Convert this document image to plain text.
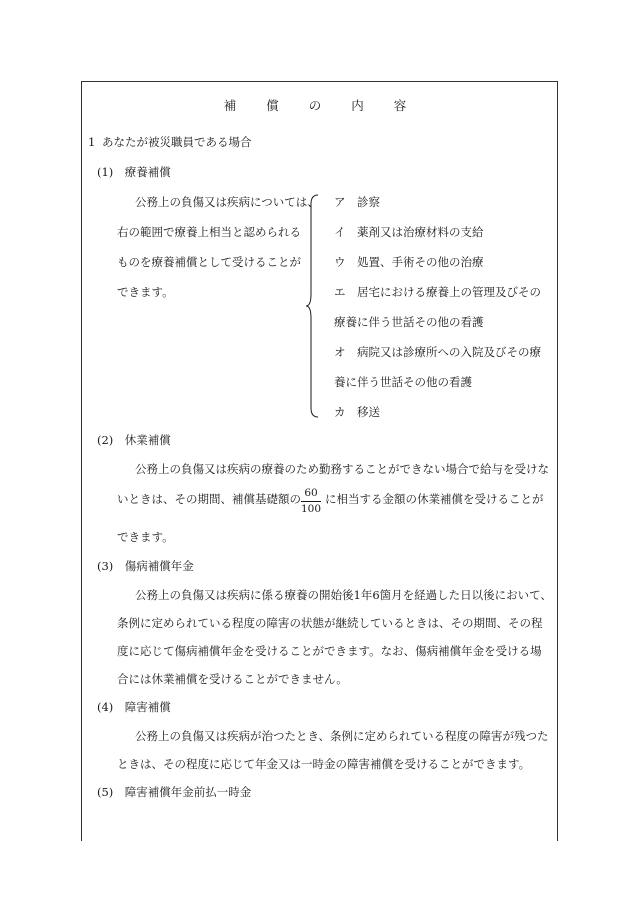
補 償 の 内 容
1 あなたが被災職員である場合
(1)　療養補償
公務上の負傷又は疾病については、
右の範囲で療養上相当と認められる
ものを療養補償として受けることが
できます。
ア　診察
イ　薬剤又は治療材料の支給
ウ　処置、手術その他の治療
エ　居宅における療養上の管理及びその
療養に伴う世話その他の看護
オ　病院又は診療所への入院及びその療
養に伴う世話その他の看護
カ　移送
(2)　休業補償
公務上の負傷又は疾病の療養のため勤務することができない場合で給与を受けな
いときは、その期間、補償基礎額の $\frac{60}{100}$ に相当する金額の休業補償を受けることが
できます。
(3)　傷病補償年金
公務上の負傷又は疾病に係る療養の開始後1年6箇月を経過した日以後において、
条例に定められている程度の障害の状態が継続しているときは、その期間、その程
度に応じて傷病補償年金を受けることができます。なお、傷病補償年金を受ける場
合には休業補償を受けることができません。
(4)　障害補償
公務上の負傷又は疾病が治つたとき、条例に定められている程度の障害が残つた
ときは、その程度に応じて年金又は一時金の障害補償を受けることができます。
(5)　障害補償年金前払一時金
